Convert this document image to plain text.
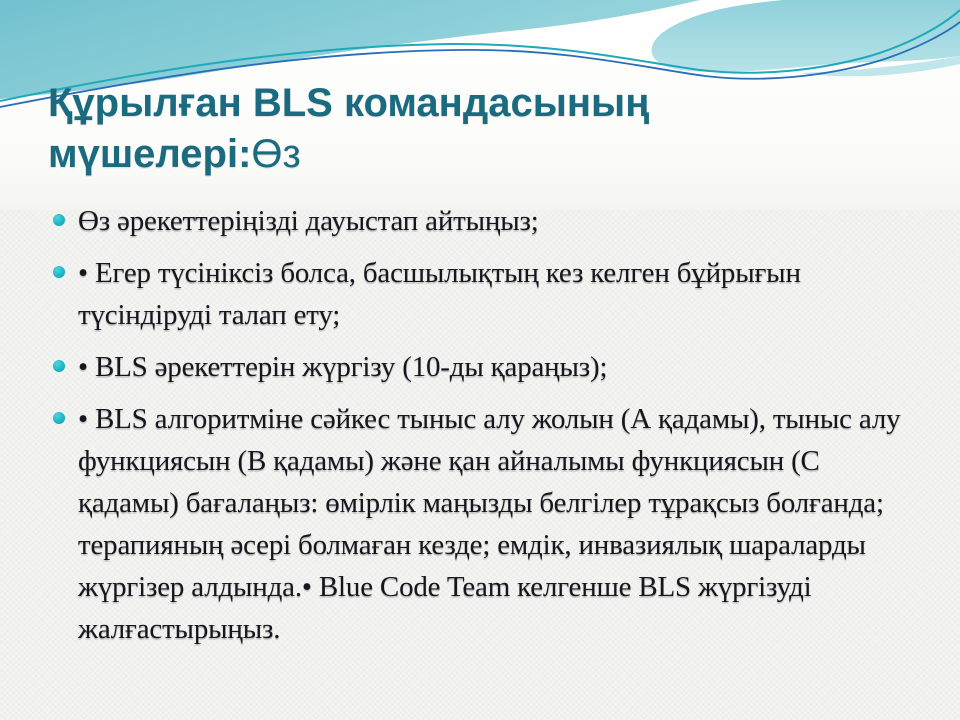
Құрылған BLS командасының
мүшелері:Өз
Өз әрекеттеріңізді дауыстап айтыңыз;
• Егер түсініксіз болса, басшылықтың кез келген бұйрығын түсіндіруді талап ету;
• BLS әрекеттерін жүргізу (10-ды қараңыз);
• BLS алгоритміне сәйкес тыныс алу жолын (А қадамы), тыныс алу функциясын (В қадамы) және қан айналымы функциясын (С қадамы) бағалаңыз: өмірлік маңызды белгілер тұрақсыз болғанда; терапияның әсері болмаған кезде; емдік, инвазиялық шараларды жүргізер алдында.• Blue Code Team келгенше BLS жүргізуді жалғастырыңыз.
